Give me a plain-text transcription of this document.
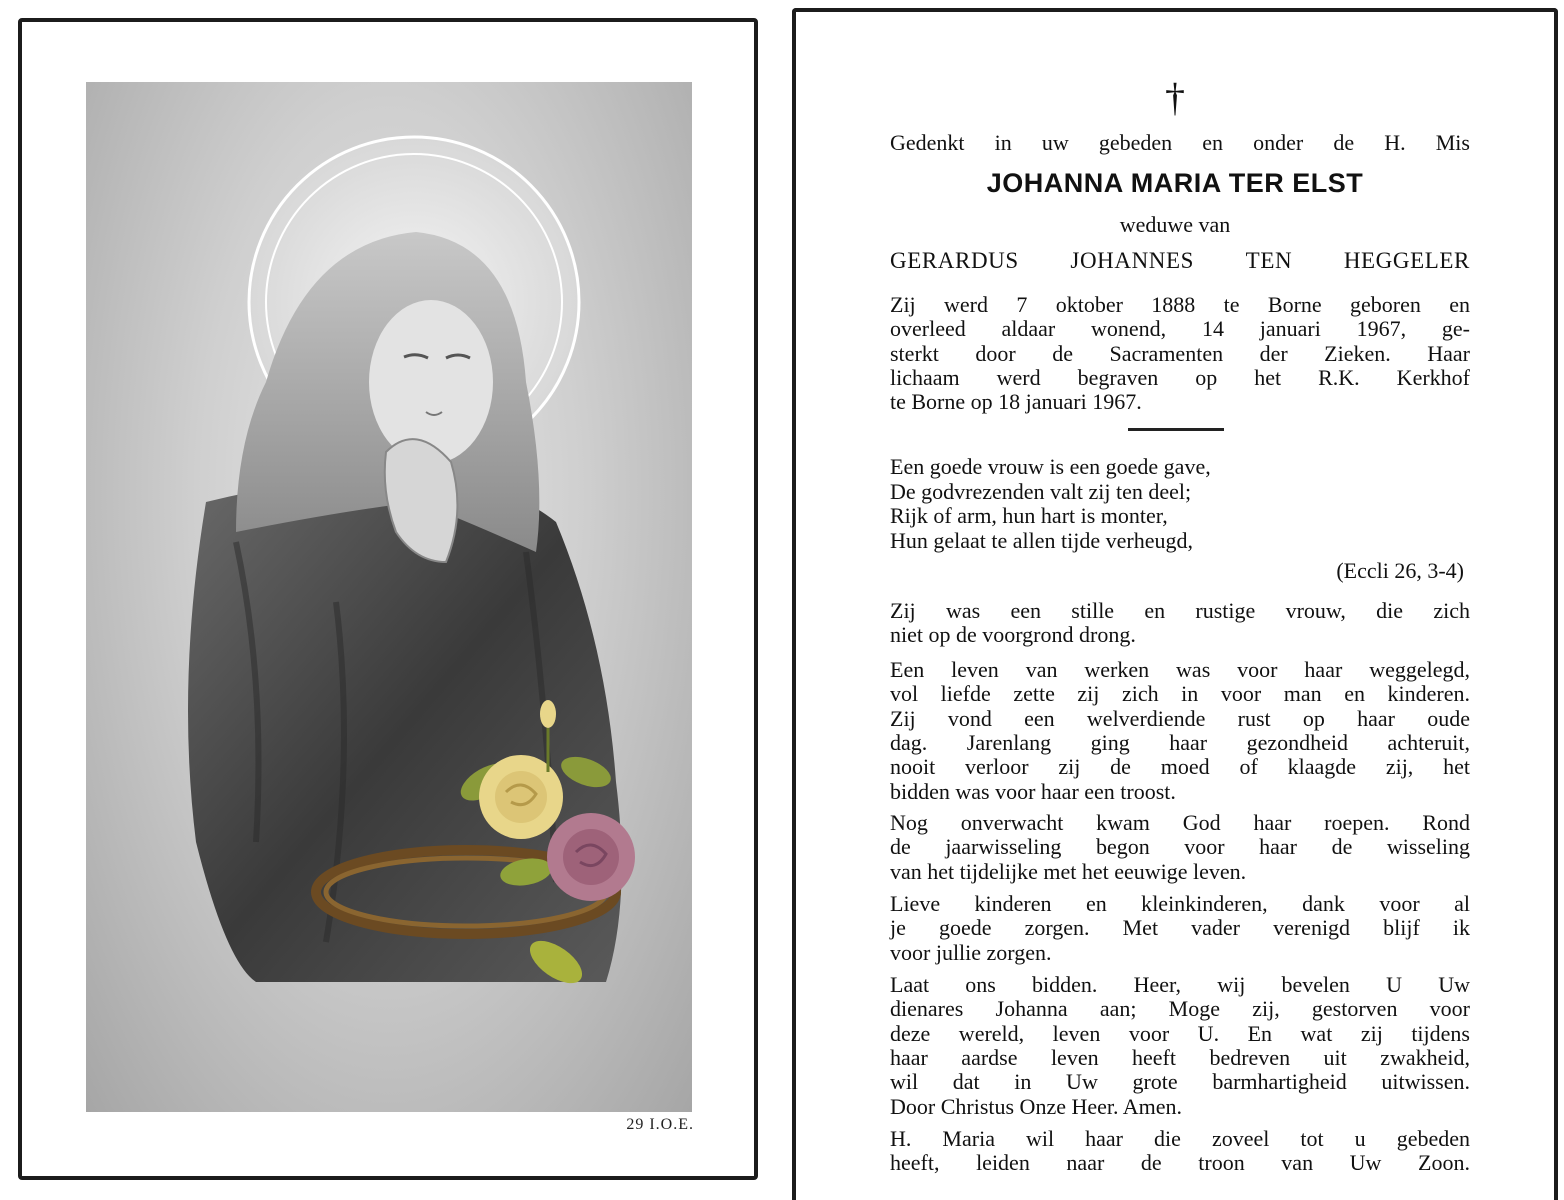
29 I.O.E.
†
Gedenkt in uw gebeden en onder de H. Mis
JOHANNA MARIA TER ELST
weduwe van
GERARDUS JOHANNES TEN HEGGELER
Zij werd 7 oktober 1888 te Borne geboren en
overleed aldaar wonend, 14 januari 1967, ge-
sterkt door de Sacramenten der Zieken. Haar
lichaam werd begraven op het R.K. Kerkhof
te Borne op 18 januari 1967.
Een goede vrouw is een goede gave,
De godvrezenden valt zij ten deel;
Rijk of arm, hun hart is monter,
Hun gelaat te allen tijde verheugd,
(Eccli 26, 3-4)
Zij was een stille en rustige vrouw, die zich
niet op de voorgrond drong.
Een leven van werken was voor haar weggelegd,
vol liefde zette zij zich in voor man en kinderen.
Zij vond een welverdiende rust op haar oude
dag. Jarenlang ging haar gezondheid achteruit,
nooit verloor zij de moed of klaagde zij, het
bidden was voor haar een troost.
Nog onverwacht kwam God haar roepen. Rond
de jaarwisseling begon voor haar de wisseling
van het tijdelijke met het eeuwige leven.
Lieve kinderen en kleinkinderen, dank voor al
je goede zorgen. Met vader verenigd blijf ik
voor jullie zorgen.
Laat ons bidden. Heer, wij bevelen U Uw
dienares Johanna aan; Moge zij, gestorven voor
deze wereld, leven voor U. En wat zij tijdens
haar aardse leven heeft bedreven uit zwakheid,
wil dat in Uw grote barmhartigheid uitwissen.
Door Christus Onze Heer. Amen.
H. Maria wil haar die zoveel tot u gebeden
heeft, leiden naar de troon van Uw Zoon.
